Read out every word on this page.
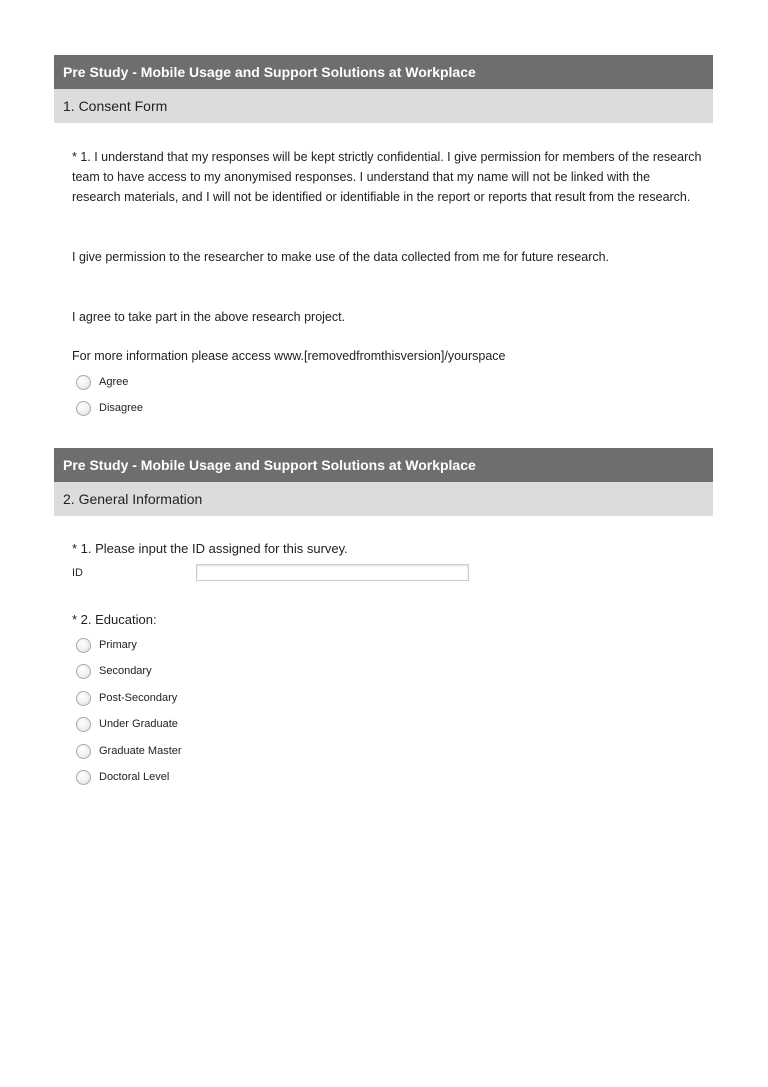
Pre Study - Mobile Usage and Support Solutions at Workplace
1. Consent Form
* 1. I understand that my responses will be kept strictly confidential. I give permission for members of the research team to have access to my anonymised responses. I understand that my name will not be linked with the research materials, and I will not be identified or identifiable in the report or reports that result from the research.
I give permission to the researcher to make use of the data collected from me for future research.
I agree to take part in the above research project.
For more information please access www.[removedfromthisversion]/yourspace
Agree
Disagree
Pre Study - Mobile Usage and Support Solutions at Workplace
2. General Information
* 1. Please input the ID assigned for this survey.
ID
* 2. Education:
Primary
Secondary
Post-Secondary
Under Graduate
Graduate Master
Doctoral Level
